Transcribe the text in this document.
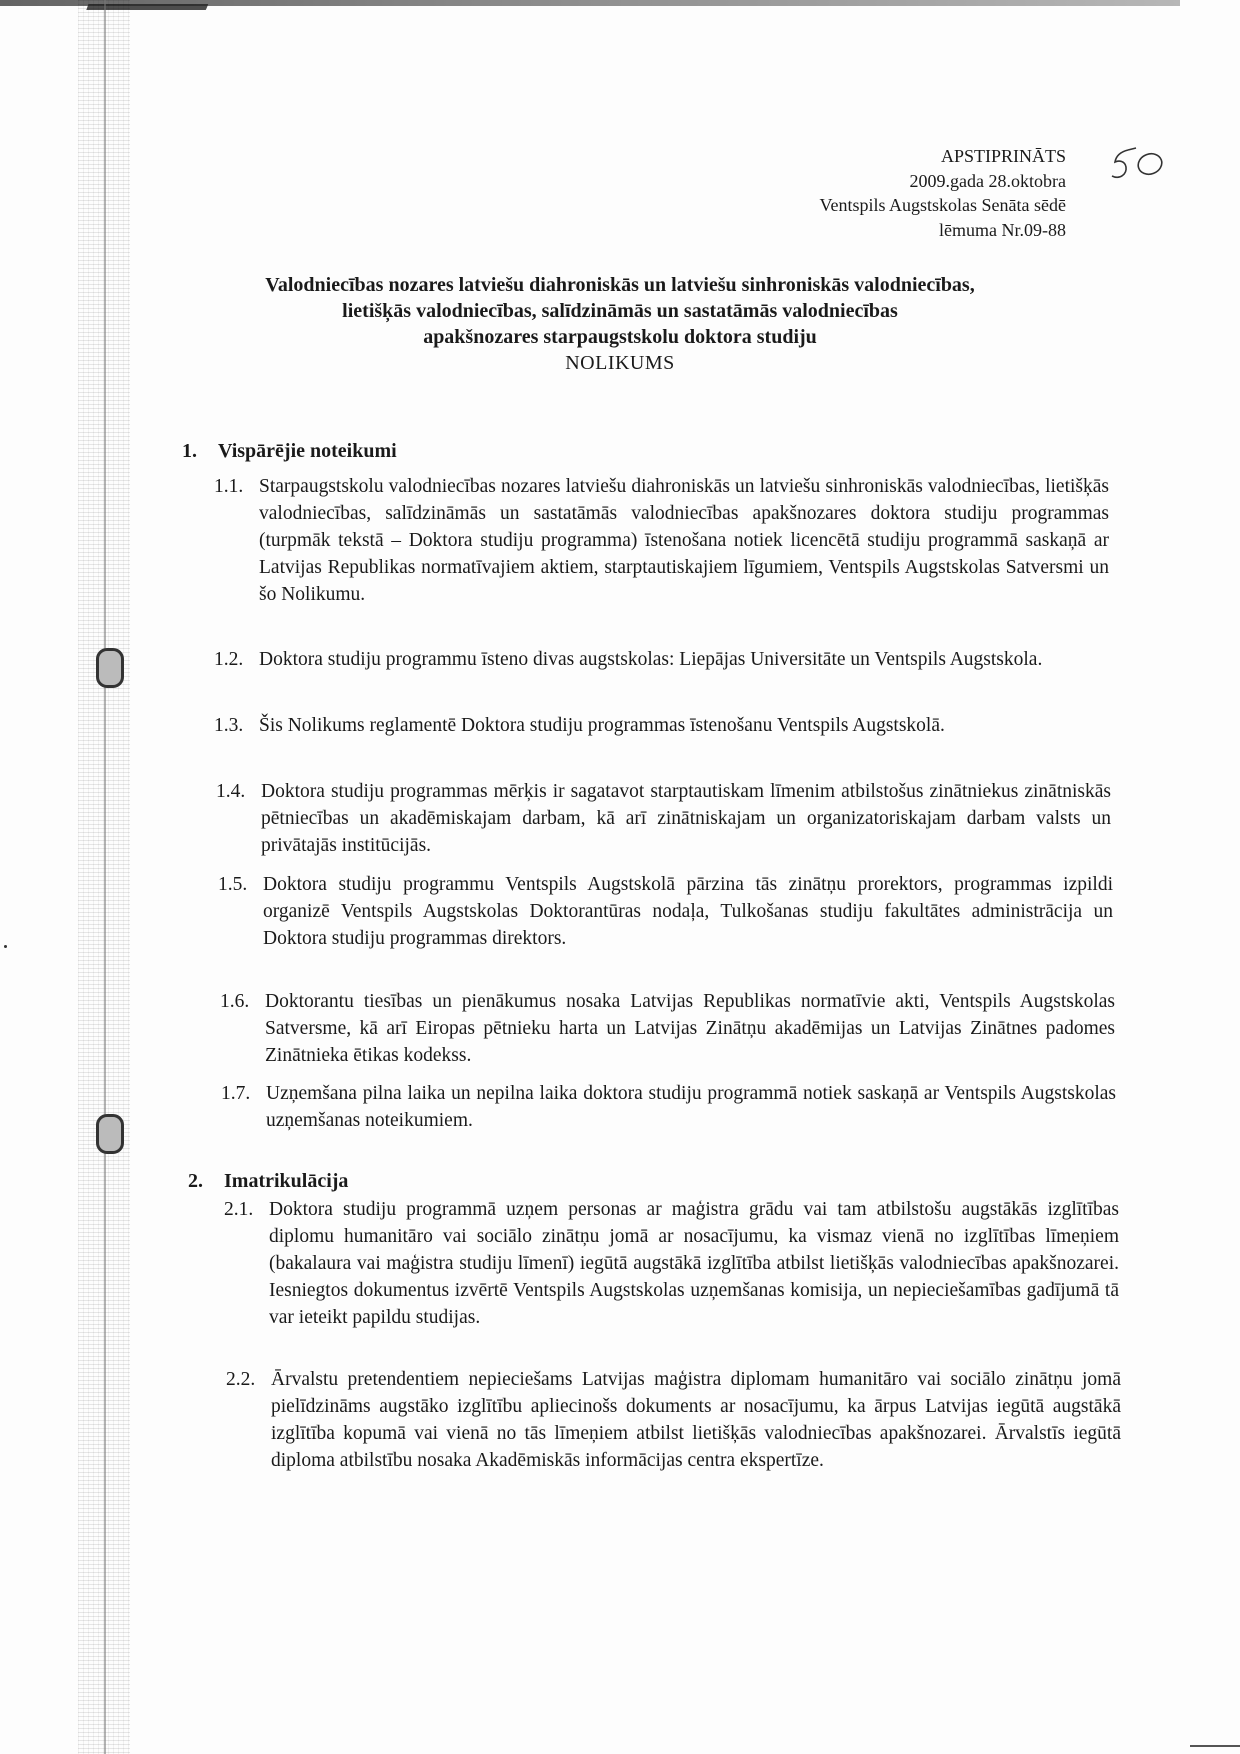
APSTIPRINĀTS
2009.gada 28.oktobra
Ventspils Augstskolas Senāta sēdē
lēmuma Nr.09-88
Valodniecības nozares latviešu diahroniskās un latviešu sinhroniskās valodniecības,
lietišķās valodniecības, salīdzināmās un sastatāmās valodniecības
apakšnozares starpaugstskolu doktora studiju
NOLIKUMS
1. Vispārējie noteikumi
1.1. Starpaugstskolu valodniecības nozares latviešu diahroniskās un latviešu sinhroniskās valodniecības, lietišķās valodniecības, salīdzināmās un sastatāmās valodniecības apakšnozares doktora studiju programmas (turpmāk tekstā – Doktora studiju programma) īstenošana notiek licencētā studiju programmā saskaņā ar Latvijas Republikas normatīvajiem aktiem, starptautiskajiem līgumiem, Ventspils Augstskolas Satversmi un šo Nolikumu.
1.2. Doktora studiju programmu īsteno divas augstskolas: Liepājas Universitāte un Ventspils Augstskola.
1.3. Šis Nolikums reglamentē Doktora studiju programmas īstenošanu Ventspils Augstskolā.
1.4. Doktora studiju programmas mērķis ir sagatavot starptautiskam līmenim atbilstošus zinātniekus zinātniskās pētniecības un akadēmiskajam darbam, kā arī zinātniskajam un organizatoriskajam darbam valsts un privātajās institūcijās.
1.5. Doktora studiju programmu Ventspils Augstskolā pārzina tās zinātņu prorektors, programmas izpildi organizē Ventspils Augstskolas Doktorantūras nodaļa, Tulkošanas studiju fakultātes administrācija un Doktora studiju programmas direktors.
1.6. Doktorantu tiesības un pienākumus nosaka Latvijas Republikas normatīvie akti, Ventspils Augstskolas Satversme, kā arī Eiropas pētnieku harta un Latvijas Zinātņu akadēmijas un Latvijas Zinātnes padomes Zinātnieka ētikas kodekss.
1.7. Uzņemšana pilna laika un nepilna laika doktora studiju programmā notiek saskaņā ar Ventspils Augstskolas uzņemšanas noteikumiem.
2. Imatrikulācija
2.1. Doktora studiju programmā uzņem personas ar maģistra grādu vai tam atbilstošu augstākās izglītības diplomu humanitāro vai sociālo zinātņu jomā ar nosacījumu, ka vismaz vienā no izglītības līmeņiem (bakalaura vai maģistra studiju līmenī) iegūtā augstākā izglītība atbilst lietišķās valodniecības apakšnozarei. Iesniegtos dokumentus izvērtē Ventspils Augstskolas uzņemšanas komisija, un nepieciešamības gadījumā tā var ieteikt papildu studijas.
2.2. Ārvalstu pretendentiem nepieciešams Latvijas maģistra diplomam humanitāro vai sociālo zinātņu jomā pielīdzināms augstāko izglītību apliecinošs dokuments ar nosacījumu, ka ārpus Latvijas iegūtā augstākā izglītība kopumā vai vienā no tās līmeņiem atbilst lietišķās valodniecības apakšnozarei. Ārvalstīs iegūtā diploma atbilstību nosaka Akadēmiskās informācijas centra ekspertīze.
